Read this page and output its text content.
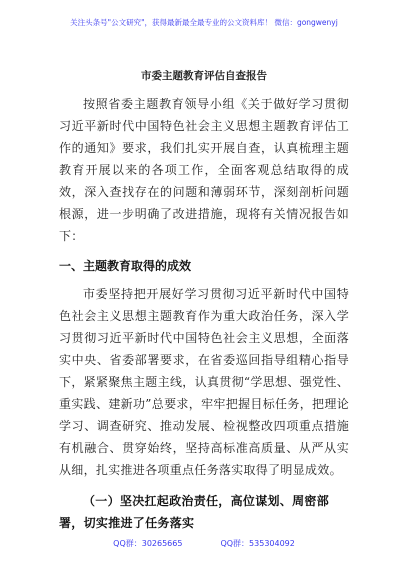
关注头条号"公文研究"，获得最新最全最专业的公文资料库！ 微信：gongwenyj
市委主题教育评估自查报告

按照省委主题教育领导小组《关于做好学习贯彻习近平新时代中国特色社会主义思想主题教育评估工作的通知》要求，我们扎实开展自查，认真梳理主题教育开展以来的各项工作，全面客观总结取得的成效，深入查找存在的问题和薄弱环节，深刻剖析问题根源，进一步明确了改进措施，现将有关情况报告如下：

一、主题教育取得的成效

市委坚持把开展好学习贯彻习近平新时代中国特色社会主义思想主题教育作为重大政治任务，深入学习贯彻习近平新时代中国特色社会主义思想，全面落实中央、省委部署要求，在省委巡回指导组精心指导下，紧紧聚焦主题主线，认真贯彻“学思想、强党性、重实践、建新功”总要求，牢牢把握目标任务，把理论学习、调查研究、推动发展、检视整改四项重点措施有机融合、贯穿始终，坚持高标准高质量、从严从实从细，扎实推进各项重点任务落实取得了明显成效。

（一）坚决扛起政治责任，高位谋划、周密部署，切实推进了任务落实
QQ群：30265665	QQ群：535304092
